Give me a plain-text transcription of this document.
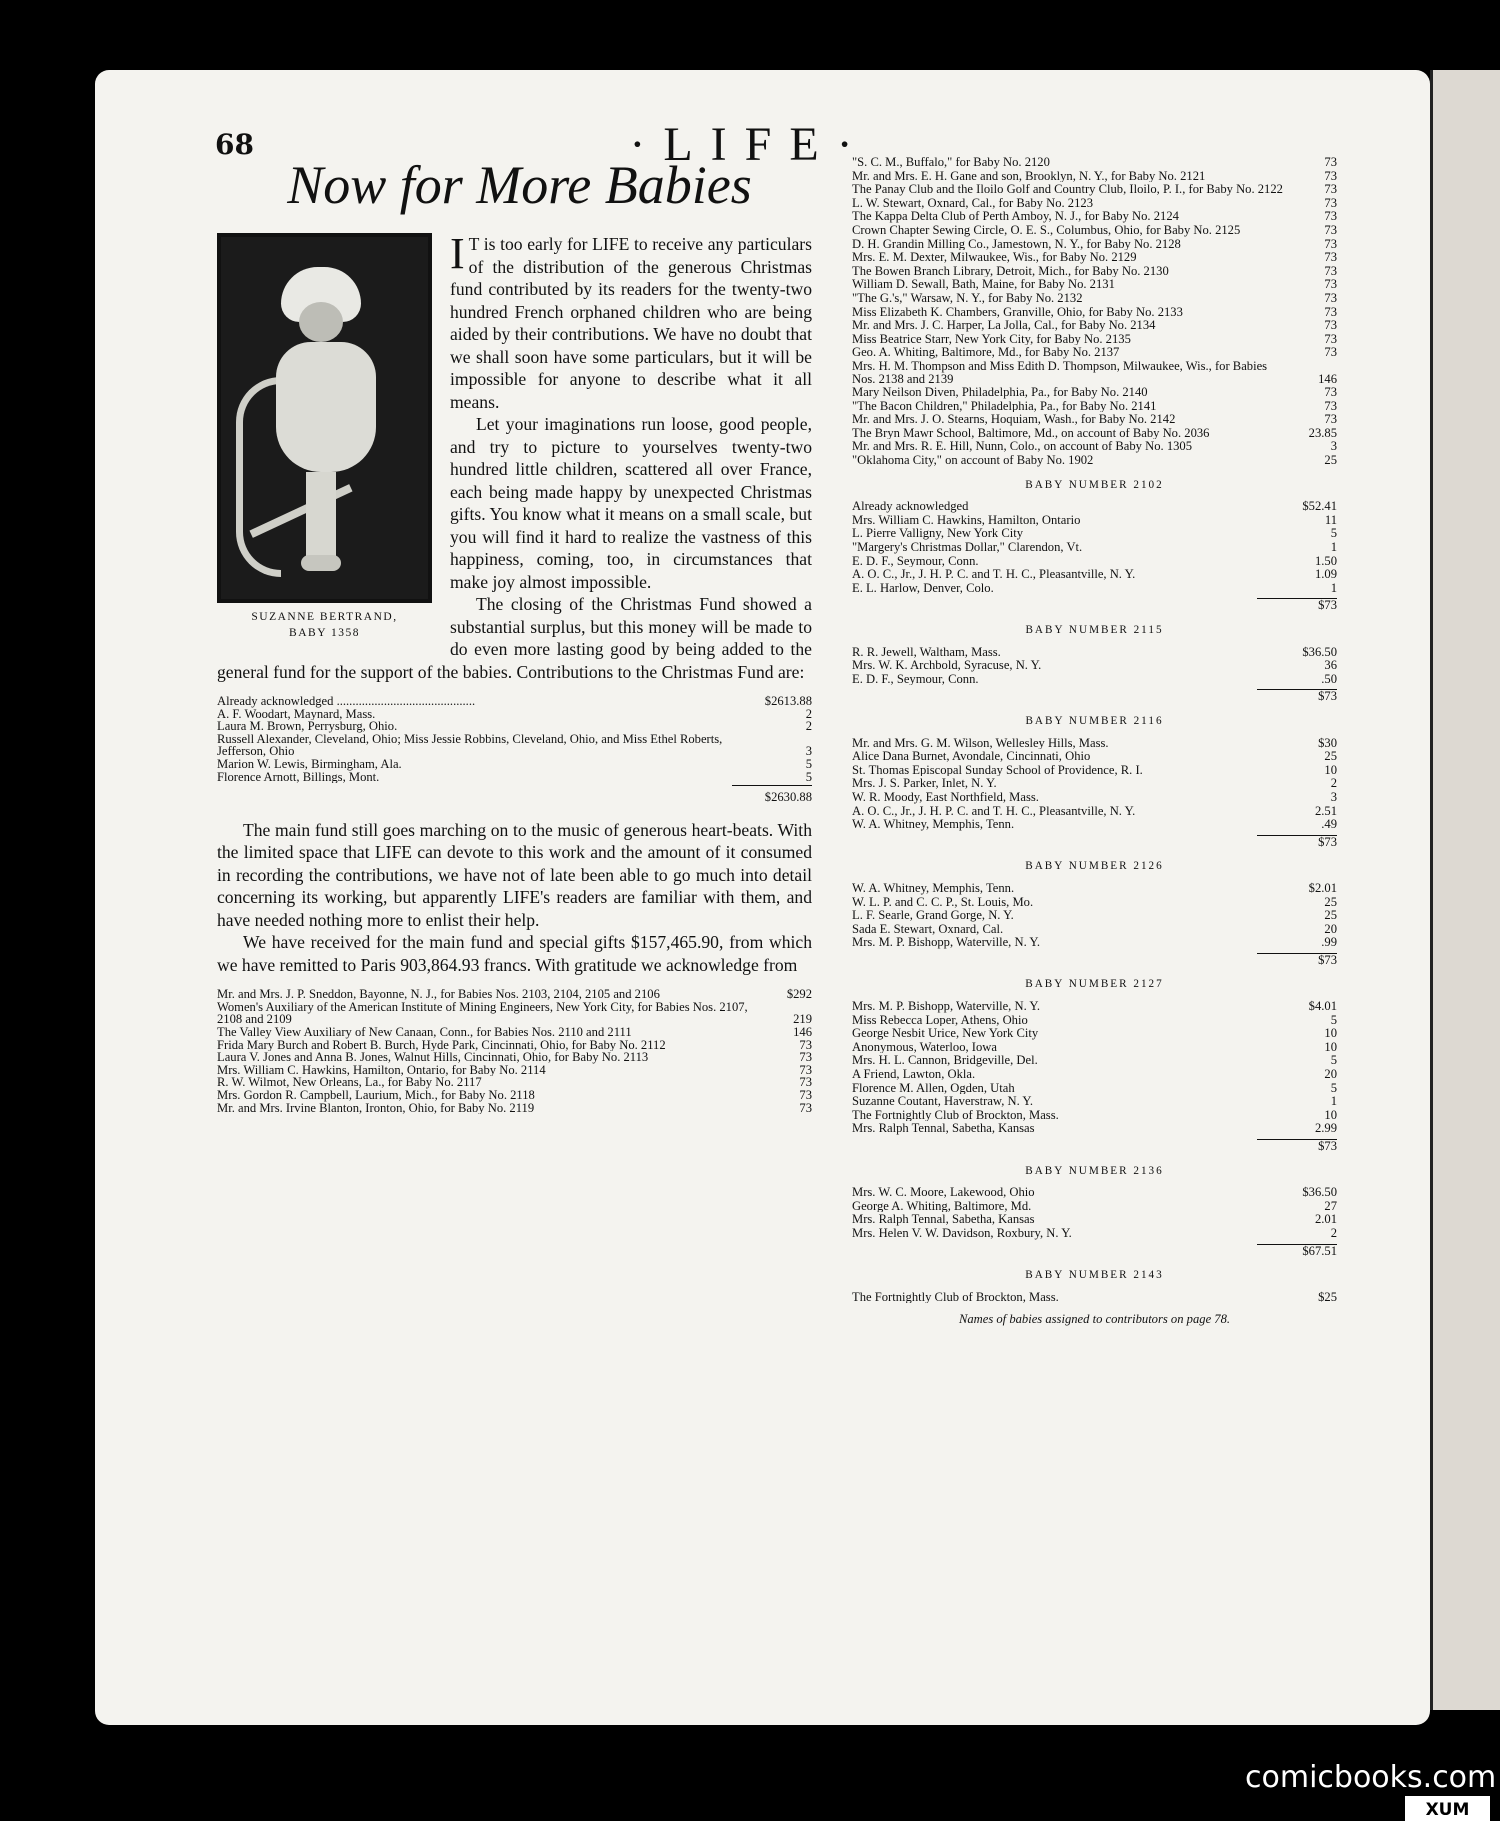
68	·LIFE·
Now for More Babies
SUZANNE BERTRAND,
BABY 1358

I T is too early for LIFE to receive any particulars of the distribution of the generous Christmas fund contributed by its readers for the twenty-two hundred French orphaned children who are being aided by their contributions. We have no doubt that we shall soon have some particulars, but it will be impossible for anyone to describe what it all means.

Let your imaginations run loose, good people, and try to picture to yourselves twenty-two hundred little children, scattered all over France, each being made happy by unexpected Christmas gifts. You know what it means on a small scale, but you will find it hard to realize the vastness of this happiness, coming, too, in circumstances that make joy almost impossible.

The closing of the Christmas Fund showed a substantial surplus, but this money will be made to do even more lasting good by being added to the general fund for the support of the babies. Contributions to the Christmas Fund are:

Already acknowledged ............................................	$2613.88
A. F. Woodart, Maynard, Mass.	2
Laura M. Brown, Perrysburg, Ohio.	2
Russell Alexander, Cleveland, Ohio; Miss Jessie Robbins, Cleveland, Ohio, and Miss Ethel Roberts, Jefferson, Ohio	3
Marion W. Lewis, Birmingham, Ala.	5
Florence Arnott, Billings, Mont.	5
$2630.88

The main fund still goes marching on to the music of generous heart-beats. With the limited space that LIFE can devote to this work and the amount of it consumed in recording the contributions, we have not of late been able to go much into detail concerning its working, but apparently LIFE's readers are familiar with them, and have needed nothing more to enlist their help.

We have received for the main fund and special gifts $157,465.90, from which we have remitted to Paris 903,864.93 francs. With gratitude we acknowledge from

Mr. and Mrs. J. P. Sneddon, Bayonne, N. J., for Babies Nos. 2103, 2104, 2105 and 2106	$292
Women's Auxiliary of the American Institute of Mining Engineers, New York City, for Babies Nos. 2107, 2108 and 2109	219
The Valley View Auxiliary of New Canaan, Conn., for Babies Nos. 2110 and 2111	146
Frida Mary Burch and Robert B. Burch, Hyde Park, Cincinnati, Ohio, for Baby No. 2112	73
Laura V. Jones and Anna B. Jones, Walnut Hills, Cincinnati, Ohio, for Baby No. 2113	73
Mrs. William C. Hawkins, Hamilton, Ontario, for Baby No. 2114	73
R. W. Wilmot, New Orleans, La., for Baby No. 2117	73
Mrs. Gordon R. Campbell, Laurium, Mich., for Baby No. 2118	73
Mr. and Mrs. Irvine Blanton, Ironton, Ohio, for Baby No. 2119	73
"S. C. M., Buffalo," for Baby No. 2120	73
Mr. and Mrs. E. H. Gane and son, Brooklyn, N. Y., for Baby No. 2121	73
The Panay Club and the Iloilo Golf and Country Club, Iloilo, P. I., for Baby No. 2122	73
L. W. Stewart, Oxnard, Cal., for Baby No. 2123	73
The Kappa Delta Club of Perth Amboy, N. J., for Baby No. 2124	73
Crown Chapter Sewing Circle, O. E. S., Columbus, Ohio, for Baby No. 2125	73
D. H. Grandin Milling Co., Jamestown, N. Y., for Baby No. 2128	73
Mrs. E. M. Dexter, Milwaukee, Wis., for Baby No. 2129	73
The Bowen Branch Library, Detroit, Mich., for Baby No. 2130	73
William D. Sewall, Bath, Maine, for Baby No. 2131	73
"The G.'s," Warsaw, N. Y., for Baby No. 2132	73
Miss Elizabeth K. Chambers, Granville, Ohio, for Baby No. 2133	73
Mr. and Mrs. J. C. Harper, La Jolla, Cal., for Baby No. 2134	73
Miss Beatrice Starr, New York City, for Baby No. 2135	73
Geo. A. Whiting, Baltimore, Md., for Baby No. 2137	73
Mrs. H. M. Thompson and Miss Edith D. Thompson, Milwaukee, Wis., for Babies Nos. 2138 and 2139	146
Mary Neilson Diven, Philadelphia, Pa., for Baby No. 2140	73
"The Bacon Children," Philadelphia, Pa., for Baby No. 2141	73
Mr. and Mrs. J. O. Stearns, Hoquiam, Wash., for Baby No. 2142	73
The Bryn Mawr School, Baltimore, Md., on account of Baby No. 2036	23.85
Mr. and Mrs. R. E. Hill, Nunn, Colo., on account of Baby No. 1305	3
"Oklahoma City," on account of Baby No. 1902	25
BABY NUMBER 2102
Already acknowledged	$52.41
Mrs. William C. Hawkins, Hamilton, Ontario	11
L. Pierre Valligny, New York City	5
"Margery's Christmas Dollar," Clarendon, Vt.	1
E. D. F., Seymour, Conn.	1.50
A. O. C., Jr., J. H. P. C. and T. H. C., Pleasantville, N. Y.	1.09
E. L. Harlow, Denver, Colo.	1
$73
BABY NUMBER 2115
R. R. Jewell, Waltham, Mass.	$36.50
Mrs. W. K. Archbold, Syracuse, N. Y.	36
E. D. F., Seymour, Conn.	.50
$73
BABY NUMBER 2116
Mr. and Mrs. G. M. Wilson, Wellesley Hills, Mass.	$30
Alice Dana Burnet, Avondale, Cincinnati, Ohio	25
St. Thomas Episcopal Sunday School of Providence, R. I.	10
Mrs. J. S. Parker, Inlet, N. Y.	2
W. R. Moody, East Northfield, Mass.	3
A. O. C., Jr., J. H. P. C. and T. H. C., Pleasantville, N. Y.	2.51
W. A. Whitney, Memphis, Tenn.	.49
$73
BABY NUMBER 2126
W. A. Whitney, Memphis, Tenn.	$2.01
W. L. P. and C. C. P., St. Louis, Mo.	25
L. F. Searle, Grand Gorge, N. Y.	25
Sada E. Stewart, Oxnard, Cal.	20
Mrs. M. P. Bishopp, Waterville, N. Y.	.99
$73
BABY NUMBER 2127
Mrs. M. P. Bishopp, Waterville, N. Y.	$4.01
Miss Rebecca Loper, Athens, Ohio	5
George Nesbit Urice, New York City	10
Anonymous, Waterloo, Iowa	10
Mrs. H. L. Cannon, Bridgeville, Del.	5
A Friend, Lawton, Okla.	20
Florence M. Allen, Ogden, Utah	5
Suzanne Coutant, Haverstraw, N. Y.	1
The Fortnightly Club of Brockton, Mass.	10
Mrs. Ralph Tennal, Sabetha, Kansas	2.99
$73
BABY NUMBER 2136
Mrs. W. C. Moore, Lakewood, Ohio	$36.50
George A. Whiting, Baltimore, Md.	27
Mrs. Ralph Tennal, Sabetha, Kansas	2.01
Mrs. Helen V. W. Davidson, Roxbury, N. Y.	2
$67.51
BABY NUMBER 2143
The Fortnightly Club of Brockton, Mass.	$25
Names of babies assigned to contributors on page 78.
comicbooks.com
XUM
